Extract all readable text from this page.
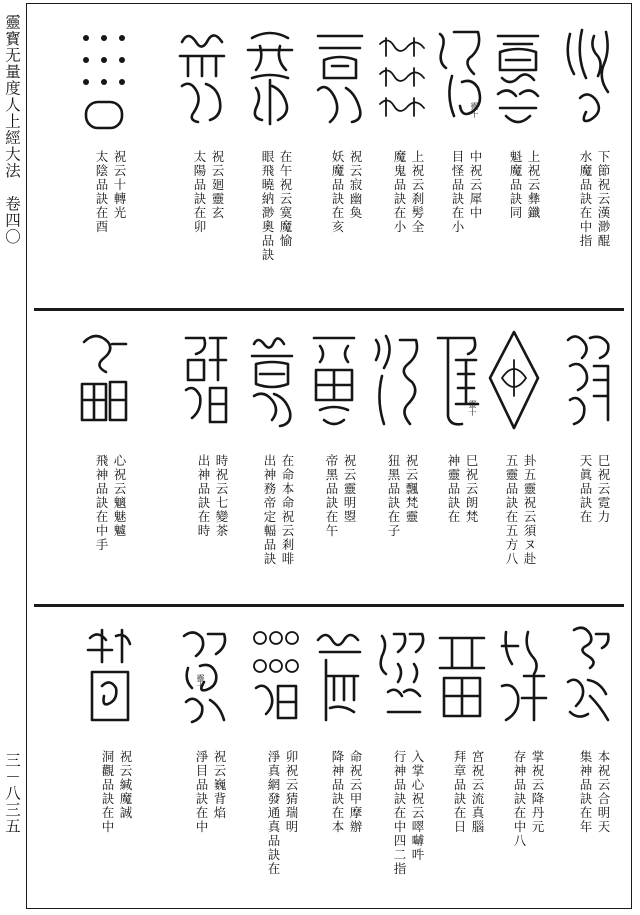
靈寳无量度人上經大法　卷四〇
三－八三五
水魔品訣在中指 下節祝云漢渺醌
魁魔品訣同 上祝云彝鑯
目怪品訣在小 中祝云犀中
魔鬼品訣在小 上祝云刹髣全
妖魔品訣在亥 祝云寂幽奐
眼飛曉納渺奧品訣 在午祝云寞魔愉
太陽品訣在卯 祝云廻靈玄
太陰品訣在酉 祝云十轉光
靈十
天眞品訣在 巳祝云霓力
五靈品訣在五方八 卦五靈祝云須ヌ赴
神靈品訣在 巳祝云朗梵
狃黑品訣在子 祝云飄梵靈
帝黑品訣在午 祝云靈明曌
出神務帝定輻品訣 在命本命祝云剎啡
出神品訣在時 時祝云七變茶
飛神品訣在中手 心祝云魑魅魖
靈十
集神品訣在年 本祝云合明天
存神品訣在中八 掌祝云降丹元
拜章品訣在日 宮祝云流真腦
行神品訣在中四二指 入掌心祝云噿嚹吽
降神品訣在本 命祝云甲摩辦
淨真網發通真品訣在 卯祝云猜瑞明
淨目品訣在中 祝云巍背焰
洞觀品訣在中 祝云緘魔誠
靈十
